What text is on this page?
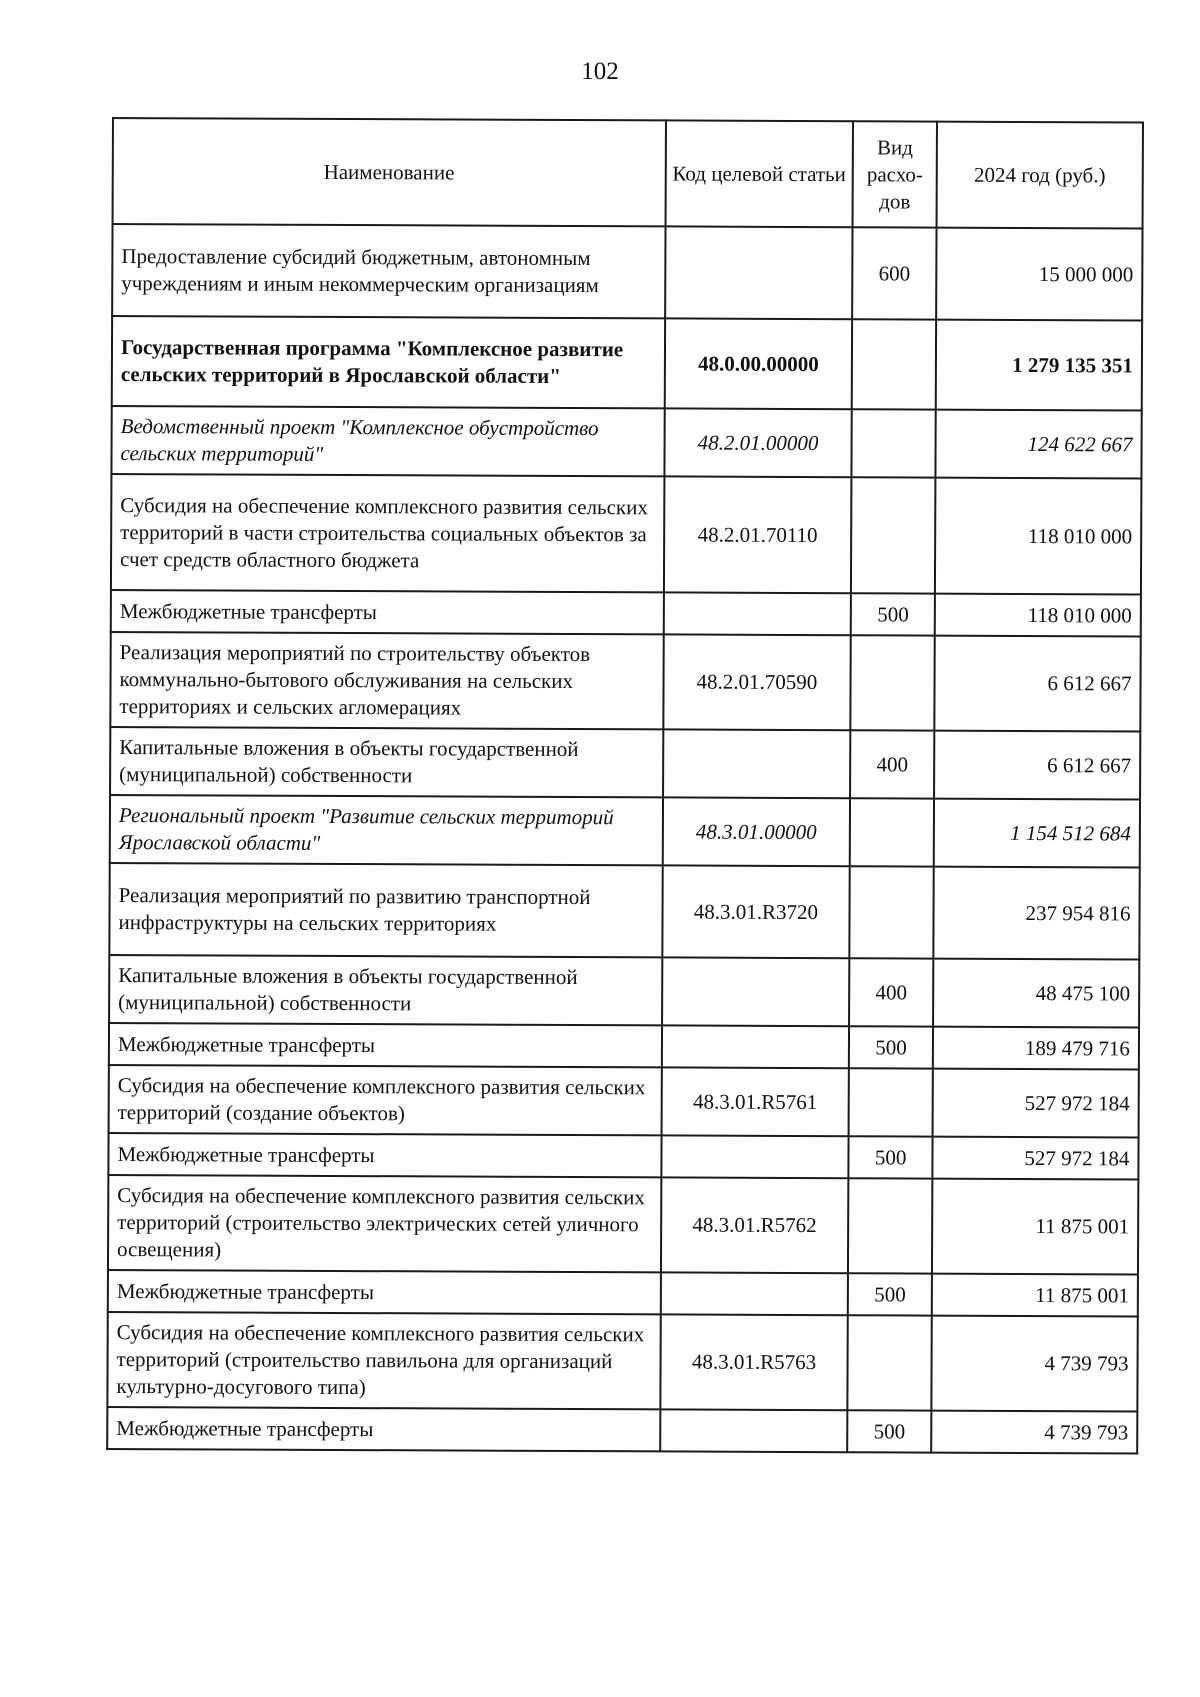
102
Наименование	Код целевой статьи	Вид расхо-дов	2024 год (руб.)
Предоставление субсидий бюджетным, автономным учреждениям и иным некоммерческим организациям		600	15 000 000
Государственная программа "Комплексное развитие сельских территорий в Ярославской области"	48.0.00.00000		1 279 135 351
Ведомственный проект "Комплексное обустройство сельских территорий"	48.2.01.00000		124 622 667
Субсидия на обеспечение комплексного развития сельских территорий в части строительства социальных объектов за счет средств областного бюджета	48.2.01.70110		118 010 000
Межбюджетные трансферты		500	118 010 000
Реализация мероприятий по строительству объектов коммунально-бытового обслуживания на сельских территориях и сельских агломерациях	48.2.01.70590		6 612 667
Капитальные вложения в объекты государственной (муниципальной) собственности		400	6 612 667
Региональный проект "Развитие сельских территорий Ярославской области"	48.3.01.00000		1 154 512 684
Реализация мероприятий по развитию транспортной инфраструктуры на сельских территориях	48.3.01.R3720		237 954 816
Капитальные вложения в объекты государственной (муниципальной) собственности		400	48 475 100
Межбюджетные трансферты		500	189 479 716
Субсидия на обеспечение комплексного развития сельских территорий (создание объектов)	48.3.01.R5761		527 972 184
Межбюджетные трансферты		500	527 972 184
Субсидия на обеспечение комплексного развития сельских территорий (строительство электрических сетей уличного освещения)	48.3.01.R5762		11 875 001
Межбюджетные трансферты		500	11 875 001
Субсидия на обеспечение комплексного развития сельских территорий (строительство павильона для организаций культурно-досугового типа)	48.3.01.R5763		4 739 793
Межбюджетные трансферты		500	4 739 793
